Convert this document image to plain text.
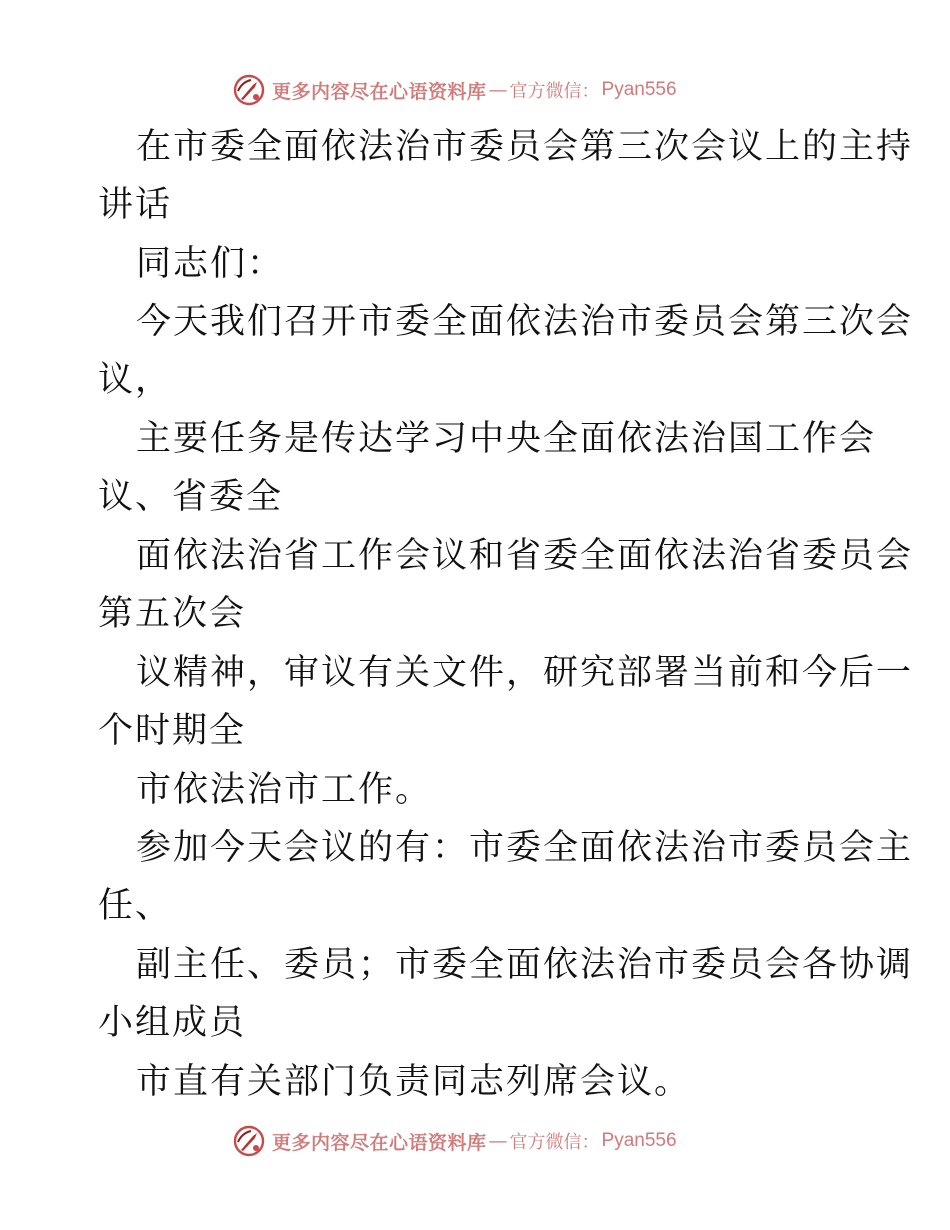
更多内容尽在心语资料库 — 官方微信： Pyan556
在市委全面依法治市委员会第三次会议上的主持
讲话
同志们：
今天我们召开市委全面依法治市委员会第三次会
议，
主要任务是传达学习中央全面依法治国工作会
议、省委全
面依法治省工作会议和省委全面依法治省委员会
第五次会
议精神，审议有关文件，研究部署当前和今后一
个时期全
市依法治市工作。
参加今天会议的有：市委全面依法治市委员会主
任、
副主任、委员；市委全面依法治市委员会各协调
小组成员
市直有关部门负责同志列席会议。
更多内容尽在心语资料库 — 官方微信： Pyan556
